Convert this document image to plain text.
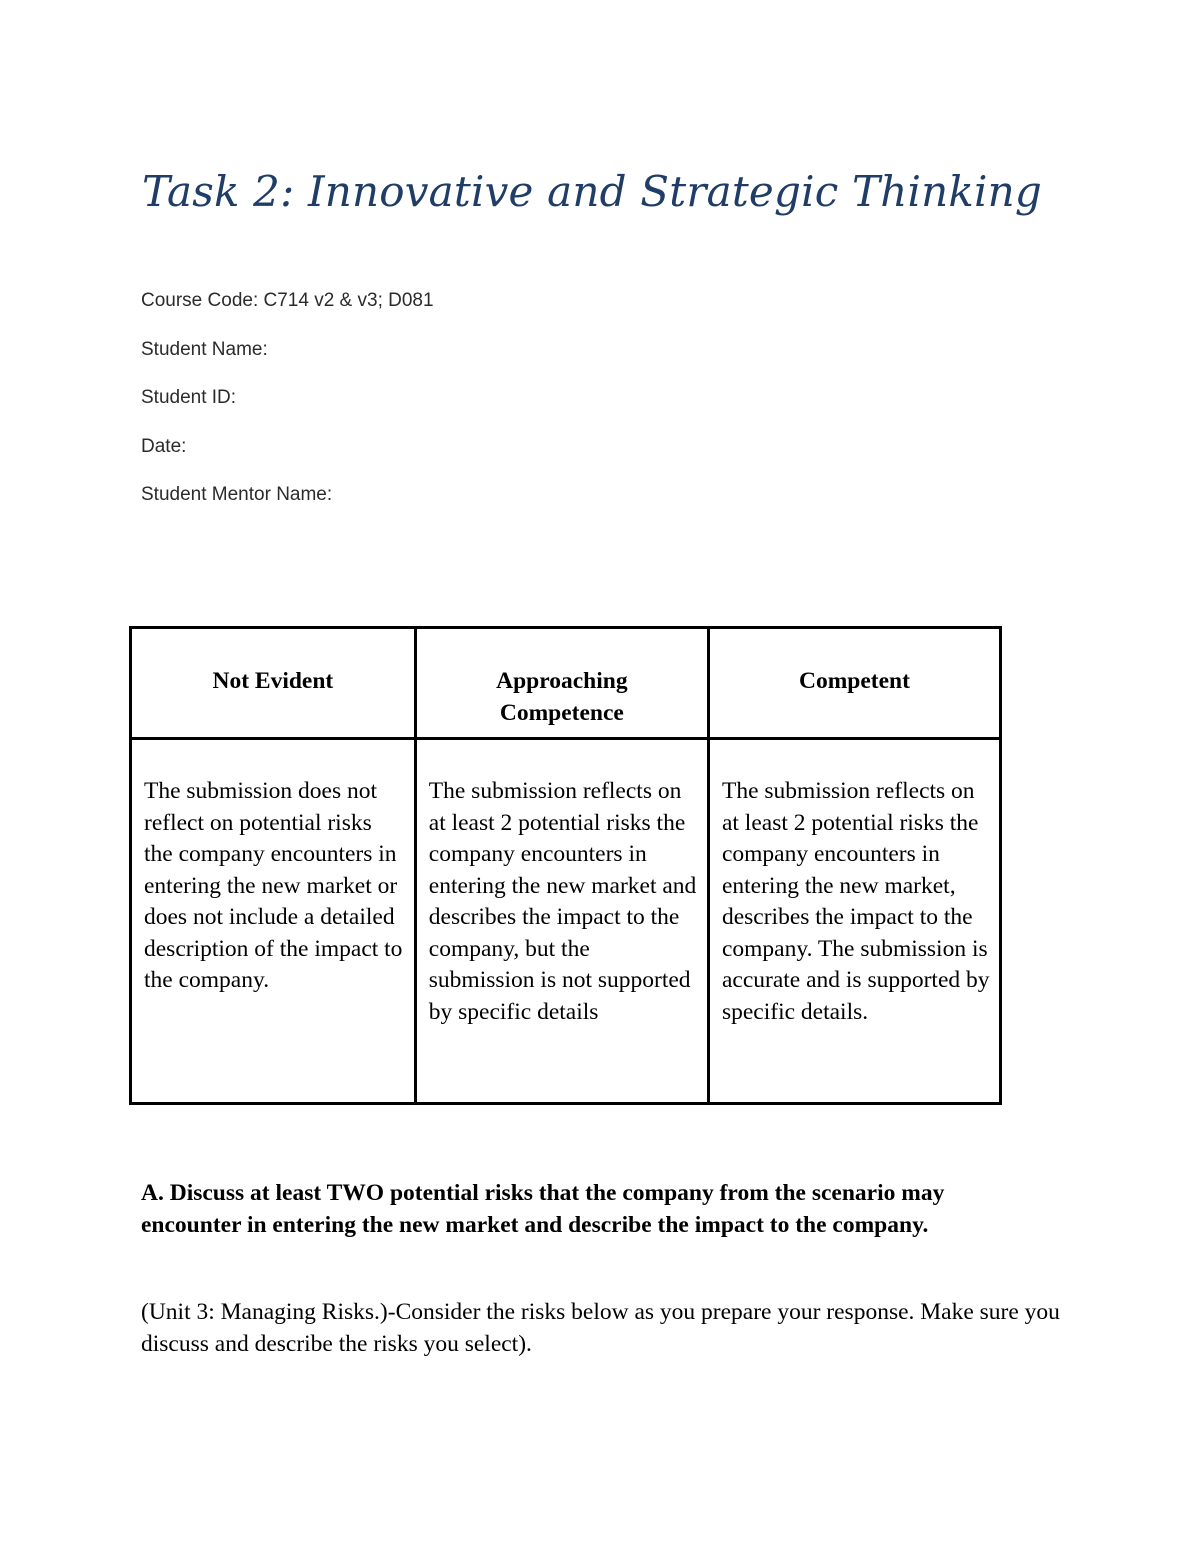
Task 2: Innovative and Strategic Thinking
Course Code: C714 v2 & v3; D081
Student Name:
Student ID:
Date:
Student Mentor Name:
Not Evident	Approaching Competence	Competent

The submission does not reflect on potential risks the company encounters in entering the new market or does not include a detailed description of the impact to the company.	The submission reflects on at least 2 potential risks the company encounters in entering the new market and describes the impact to the company, but the submission is not supported by specific details	The submission reflects on at least 2 potential risks the company encounters in entering the new market, describes the impact to the company. The submission is accurate and is supported by specific details.

A. Discuss at least TWO potential risks that the company from the scenario may encounter in entering the new market and describe the impact to the company.

(Unit 3: Managing Risks.)-Consider the risks below as you prepare your response. Make sure you discuss and describe the risks you select).
